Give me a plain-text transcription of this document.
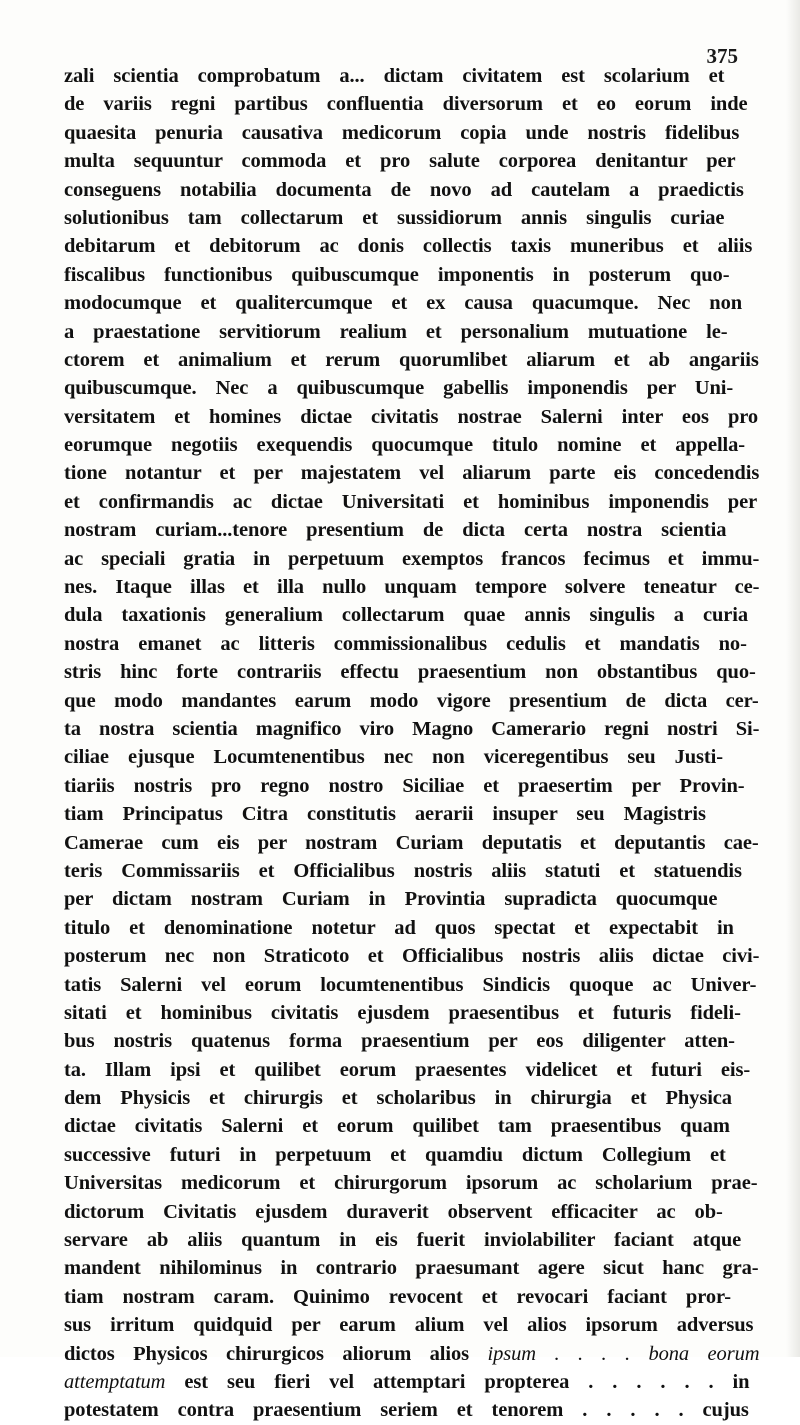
375
zali scientia comprobatum a... dictam civitatem est scolarium et
de variis regni partibus confluentia diversorum et eo eorum inde
quaesita penuria causativa medicorum copia unde nostris fidelibus
multa sequuntur commoda et pro salute corporea denitantur per
conseguens notabilia documenta de novo ad cautelam a praedictis
solutionibus tam collectarum et sussidiorum annis singulis curiae
debitarum et debitorum ac donis collectis taxis muneribus et aliis
fiscalibus functionibus quibuscumque imponentis in posterum quo-
modocumque et qualitercumque et ex causa quacumque. Nec non
a praestatione servitiorum realium et personalium mutuatione le-
ctorem et animalium et rerum quorumlibet aliarum et ab angariis
quibuscumque. Nec a quibuscumque gabellis imponendis per Uni-
versitatem et homines dictae civitatis nostrae Salerni inter eos pro
eorumque negotiis exequendis quocumque titulo nomine et appella-
tione notantur et per majestatem vel aliarum parte eis concedendis
et confirmandis ac dictae Universitati et hominibus imponendis per
nostram curiam...tenore presentium de dicta certa nostra scientia
ac speciali gratia in perpetuum exemptos francos fecimus et immu-
nes. Itaque illas et illa nullo unquam tempore solvere teneatur ce-
dula taxationis generalium collectarum quae annis singulis a curia
nostra emanet ac litteris commissionalibus cedulis et mandatis no-
stris hinc forte contrariis effectu praesentium non obstantibus quo-
que modo mandantes earum modo vigore presentium de dicta cer-
ta nostra scientia magnifico viro Magno Camerario regni nostri Si-
ciliae ejusque Locumtenentibus nec non viceregentibus seu Justi-
tiariis nostris pro regno nostro Siciliae et praesertim per Provin-
tiam Principatus Citra constitutis aerarii insuper seu Magistris
Camerae cum eis per nostram Curiam deputatis et deputantis cae-
teris Commissariis et Officialibus nostris aliis statuti et statuendis
per dictam nostram Curiam in Provintia supradicta quocumque
titulo et denominatione notetur ad quos spectat et expectabit in
posterum nec non Straticoto et Officialibus nostris aliis dictae civi-
tatis Salerni vel eorum locumtenentibus Sindicis quoque ac Univer-
sitati et hominibus civitatis ejusdem praesentibus et futuris fideli-
bus nostris quatenus forma praesentium per eos diligenter atten-
ta. Illam ipsi et quilibet eorum praesentes videlicet et futuri eis-
dem Physicis et chirurgis et scholaribus in chirurgia et Physica
dictae civitatis Salerni et eorum quilibet tam praesentibus quam
successive futuri in perpetuum et quamdiu dictum Collegium et
Universitas medicorum et chirurgorum ipsorum ac scholarium prae-
dictorum Civitatis ejusdem duraverit observent efficaciter ac ob-
servare ab aliis quantum in eis fuerit inviolabiliter faciant atque
mandent nihilominus in contrario praesumant agere sicut hanc gra-
tiam nostram caram. Quinimo revocent et revocari faciant pror-
sus irritum quidquid per earum alium vel alios ipsorum adversus
dictos Physicos chirurgicos aliorum alios ipsum . . . . bona eorum
attemptatum est seu fieri vel attemptari propterea . . . . . . in
potestatem contra praesentium seriem et tenorem . . . . . cujus
